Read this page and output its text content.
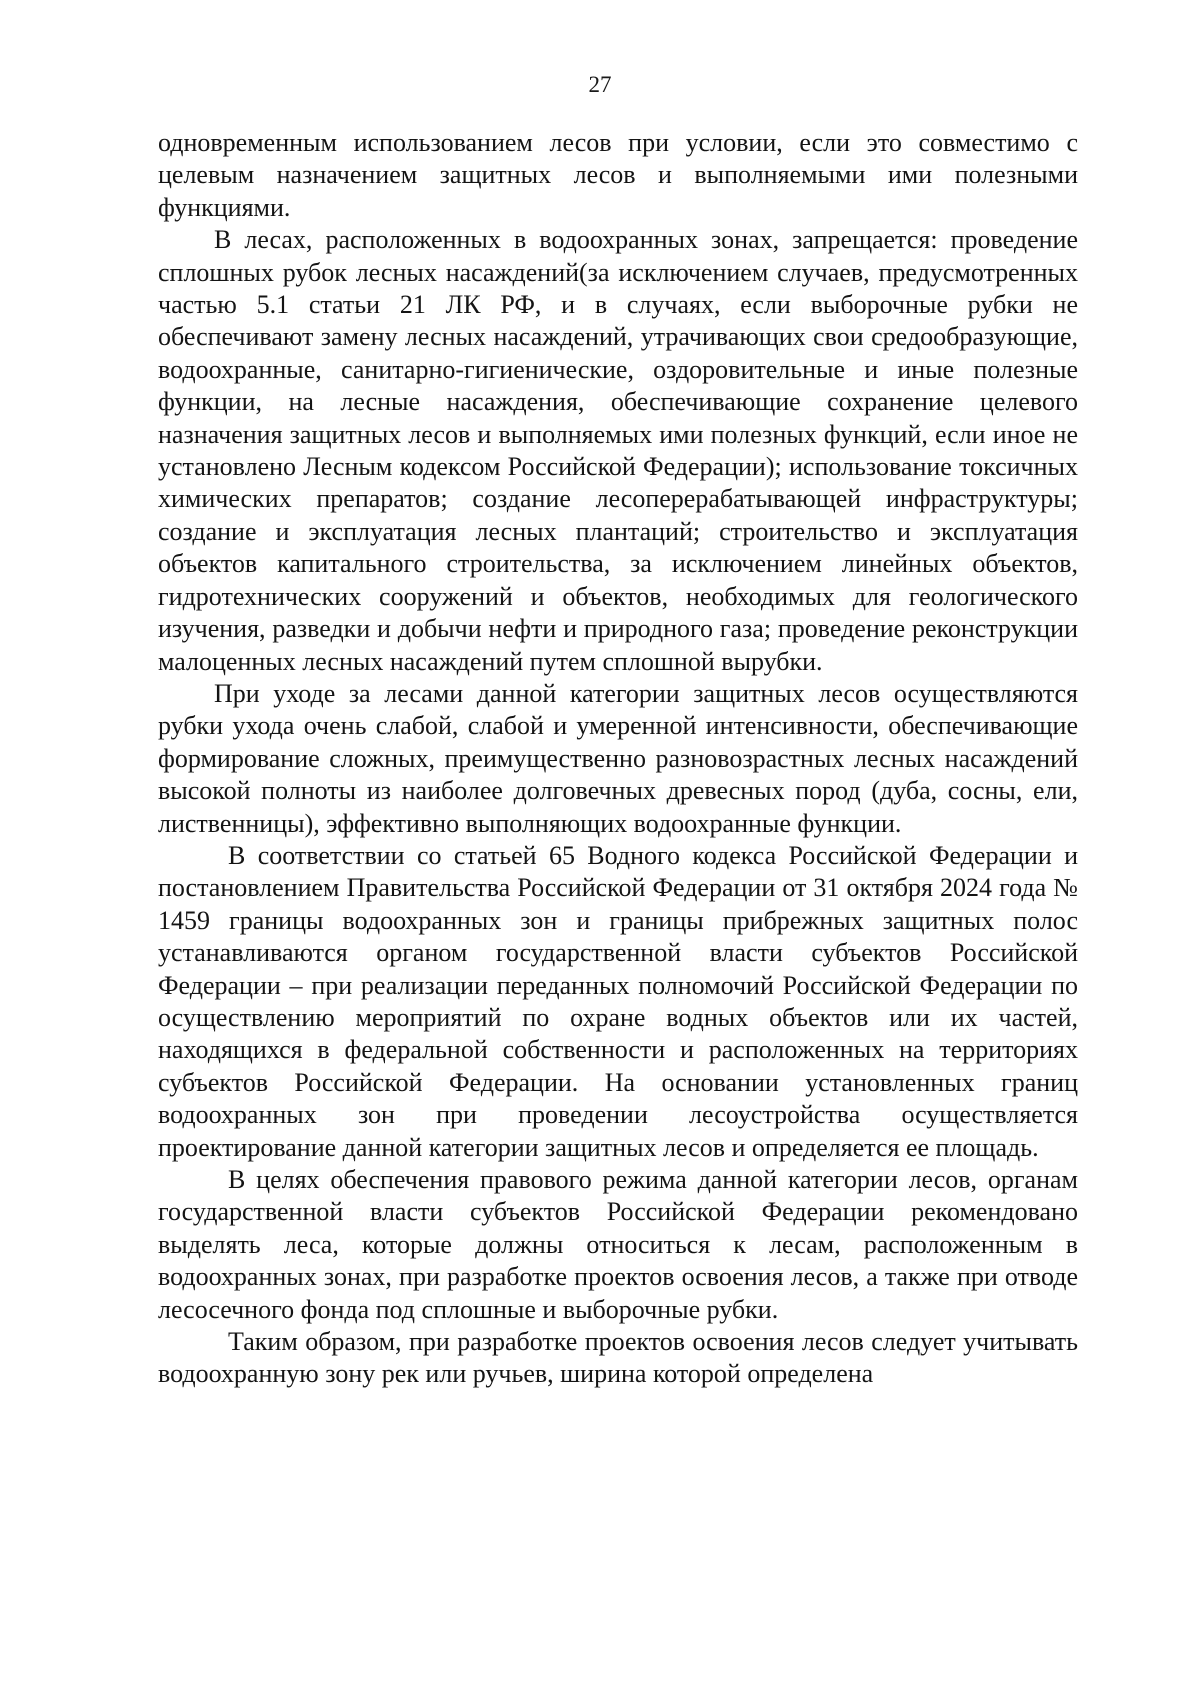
27

одновременным использованием лесов при условии, если это совместимо с целевым назначением защитных лесов и выполняемыми ими полезными функциями.

В лесах, расположенных в водоохранных зонах, запрещается: проведение сплошных рубок лесных насаждений(за исключением случаев, предусмотренных частью 5.1 статьи 21 ЛК РФ, и в случаях, если выборочные рубки не обеспечивают замену лесных насаждений, утрачивающих свои средообразующие, водоохранные, санитарно-гигиенические, оздоровительные и иные полезные функции, на лесные насаждения, обеспечивающие сохранение целевого назначения защитных лесов и выполняемых ими полезных функций, если иное не установлено Лесным кодексом Российской Федерации); использование токсичных химических препаратов; создание лесоперерабатывающей инфраструктуры; создание и эксплуатация лесных плантаций; строительство и эксплуатация объектов капитального строительства, за исключением линейных объектов, гидротехнических сооружений и объектов, необходимых для геологического изучения, разведки и добычи нефти и природного газа; проведение реконструкции малоценных лесных насаждений путем сплошной вырубки.

При уходе за лесами данной категории защитных лесов осуществляются рубки ухода очень слабой, слабой и умеренной интенсивности, обеспечивающие формирование сложных, преимущественно разновозрастных лесных насаждений высокой полноты из наиболее долговечных древесных пород (дуба, сосны, ели, лиственницы), эффективно выполняющих водоохранные функции.

В соответствии со статьей 65 Водного кодекса Российской Федерации и постановлением Правительства Российской Федерации от 31 октября 2024 года № 1459 границы водоохранных зон и границы прибрежных защитных полос устанавливаются органом государственной власти субъектов Российской Федерации – при реализации переданных полномочий Российской Федерации по осуществлению мероприятий по охране водных объектов или их частей, находящихся в федеральной собственности и расположенных на территориях субъектов Российской Федерации. На основании установленных границ водоохранных зон при проведении лесоустройства осуществляется проектирование данной категории защитных лесов и определяется ее площадь.

В целях обеспечения правового режима данной категории лесов, органам государственной власти субъектов Российской Федерации рекомендовано выделять леса, которые должны относиться к лесам, расположенным в водоохранных зонах, при разработке проектов освоения лесов, а также при отводе лесосечного фонда под сплошные и выборочные рубки.

Таким образом, при разработке проектов освоения лесов следует учитывать водоохранную зону рек или ручьев, ширина которой определена
